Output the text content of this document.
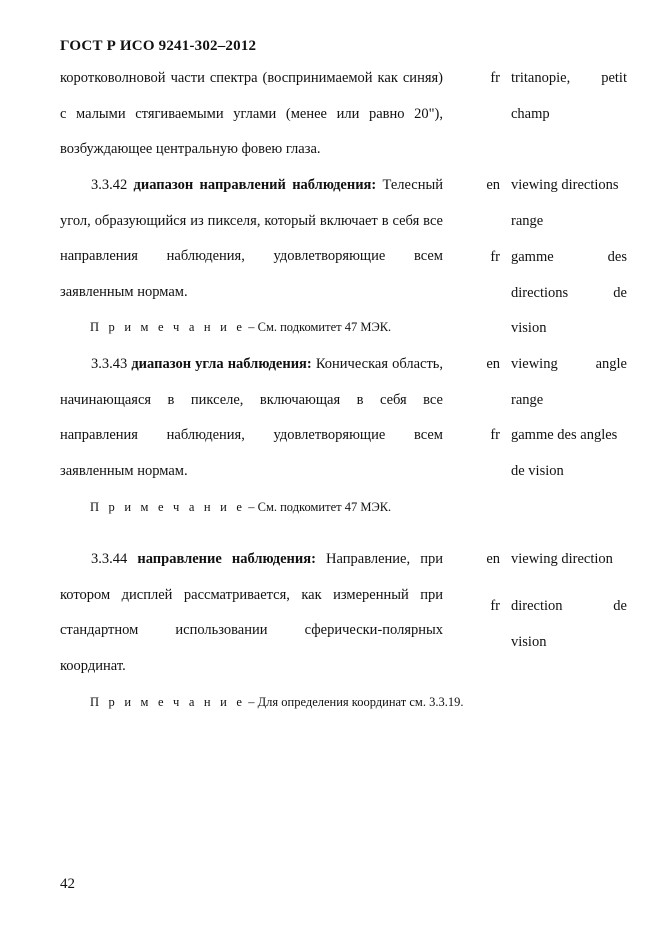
ГОСТ Р ИСО 9241-302–2012

коротковолновой части спектра (воспринимаемой как синяя) с малыми стягиваемыми углами (менее или равно 20"), возбуждающее центральную фовею глаза.

fr tritanopie, petit
champ

3.3.42 диапазон направлений наблюдения: Телесный угол, образующийся из пикселя, который включает в себя все направления наблюдения, удовлетворяющие всем заявленным нормам.

П р и м е ч а н и е – См. подкомитет 47 МЭК.
en viewing directions
range
fr gamme des
directions de
vision

3.3.43 диапазон угла наблюдения: Коническая область, начинающаяся в пикселе, включающая в себя все направления наблюдения, удовлетворяющие всем заявленным нормам.

П р и м е ч а н и е – См. подкомитет 47 МЭК.
en viewing angle
range
fr gamme des angles
de vision

3.3.44 направление наблюдения: Направление, при котором дисплей рассматривается, как измеренный при стандартном использовании сферически-полярных координат.

П р и м е ч а н и е – Для определения координат см. 3.3.19.
en viewing direction
fr direction de
vision
42
